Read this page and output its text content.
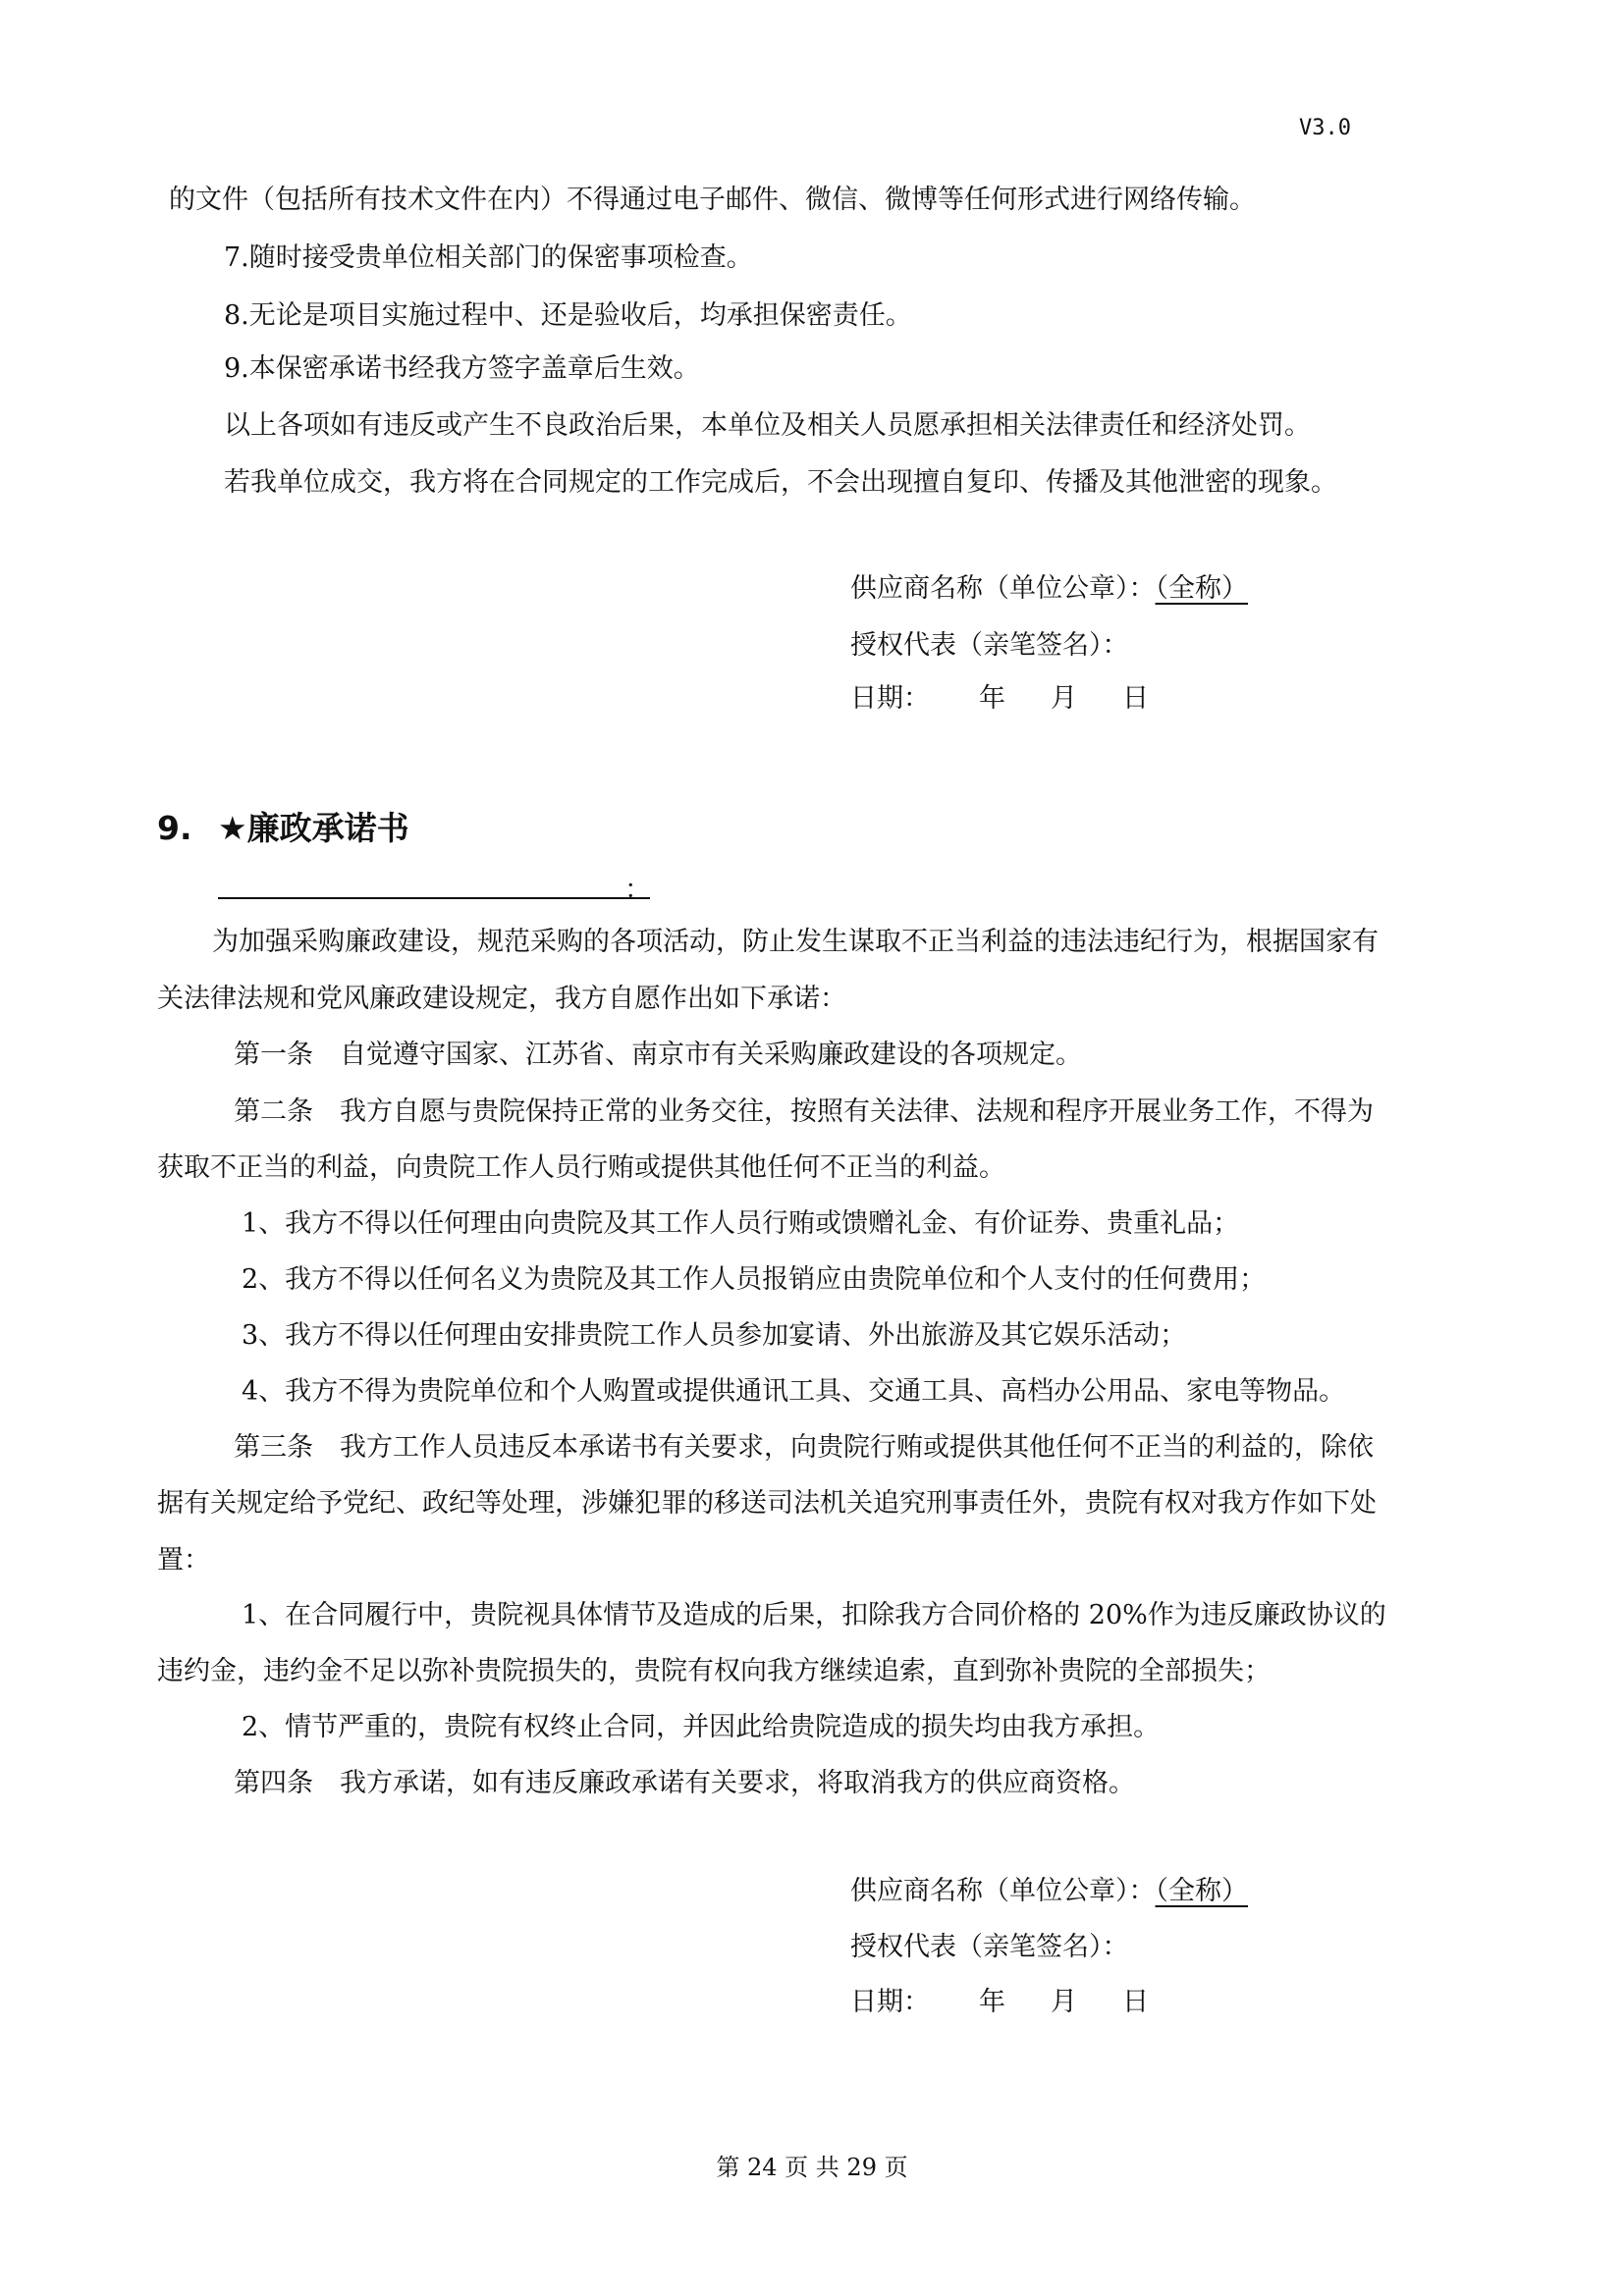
V3.0
的文件（包括所有技术文件在内）不得通过电子邮件、微信、微博等任何形式进行网络传输。
7.随时接受贵单位相关部门的保密事项检查。
8.无论是项目实施过程中、还是验收后，均承担保密责任。
9.本保密承诺书经我方签字盖章后生效。
以上各项如有违反或产生不良政治后果，本单位及相关人员愿承担相关法律责任和经济处罚。
若我单位成交，我方将在合同规定的工作完成后，不会出现擅自复印、传播及其他泄密的现象。
供应商名称（单位公章）：（全称）
授权代表（亲笔签名）：
日期： 年 月 日
9. ★廉政承诺书
：
为加强采购廉政建设，规范采购的各项活动，防止发生谋取不正当利益的违法违纪行为，根据国家有
关法律法规和党风廉政建设规定，我方自愿作出如下承诺：
第一条　自觉遵守国家、江苏省、南京市有关采购廉政建设的各项规定。
第二条　我方自愿与贵院保持正常的业务交往，按照有关法律、法规和程序开展业务工作，不得为
获取不正当的利益，向贵院工作人员行贿或提供其他任何不正当的利益。
1、我方不得以任何理由向贵院及其工作人员行贿或馈赠礼金、有价证券、贵重礼品；
2、我方不得以任何名义为贵院及其工作人员报销应由贵院单位和个人支付的任何费用；
3、我方不得以任何理由安排贵院工作人员参加宴请、外出旅游及其它娱乐活动；
4、我方不得为贵院单位和个人购置或提供通讯工具、交通工具、高档办公用品、家电等物品。
第三条　我方工作人员违反本承诺书有关要求，向贵院行贿或提供其他任何不正当的利益的，除依
据有关规定给予党纪、政纪等处理，涉嫌犯罪的移送司法机关追究刑事责任外，贵院有权对我方作如下处
置：
1、在合同履行中，贵院视具体情节及造成的后果，扣除我方合同价格的 20%作为违反廉政协议的
违约金，违约金不足以弥补贵院损失的，贵院有权向我方继续追索，直到弥补贵院的全部损失；
2、情节严重的，贵院有权终止合同，并因此给贵院造成的损失均由我方承担。
第四条　我方承诺，如有违反廉政承诺有关要求，将取消我方的供应商资格。
供应商名称（单位公章）：（全称）
授权代表（亲笔签名）：
日期： 年 月 日
第 24 页 共 29 页
